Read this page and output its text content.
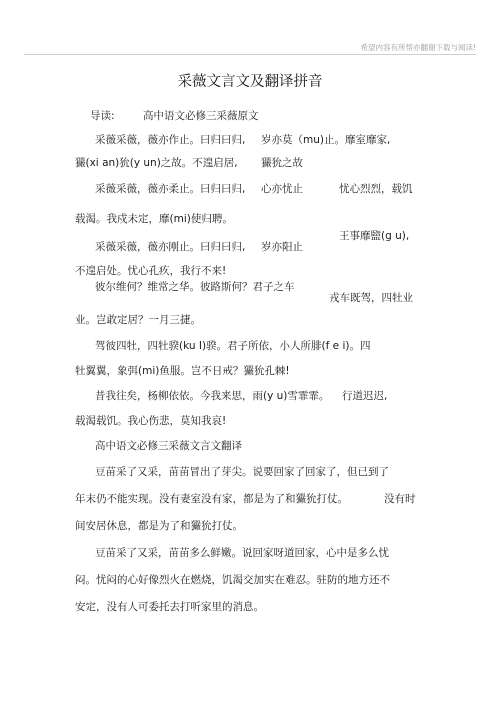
希望内容有所帮亦翻谢下载与阅读!
采薇文言文及翻译拼音
导读:	高中语文必修三采薇原文
采薇采薇，薇亦作止。曰归曰归, 岁亦莫（mu)止。靡室靡家,
玁(xi an)狁(y un)之故。不遑启居, 玁狁之故
采薇采薇，薇亦柔止。曰归曰归, 心亦忧止	忧心烈烈，载饥
载渴。我戍未定，靡(mi)使归聘。
王事靡盬(g u),
采薇采薇，薇亦刚止。曰归曰归, 岁亦阳止
不遑启处。忧心孔疚，我行不来!
彼尔维何？维常之华。彼路斯何？君子之车
戎车既驾，四牡业
业。岂敢定居？一月三捷。
驾彼四牡，四牡骙(ku I)骙。君子所依，小人所腓(f e i)。四
牡翼翼，象弭(mi)鱼服。岂不日戒？玁狁孔棘!
昔我往矣，杨柳依依。今我来思，雨(y u)雪霏霏。 行道迟迟,
载渴载饥。我心伤悲，莫知我哀!
高中语文必修三采薇文言文翻译
豆苗采了又采，苗苗冒出了芽尖。说要回家了回家了，但已到了
年末仍不能实现。没有妻室没有家，都是为了和玁狁打仗。	没有时
间安居休息，都是为了和玁狁打仗。
豆苗采了又采，苗苗多么鲜嫩。说回家呀道回家，心中是多么忧
闷。忧闷的心好像烈火在燃烧，饥渴交加实在难忍。驻防的地方还不
安定，没有人可委托去打听家里的消息。
